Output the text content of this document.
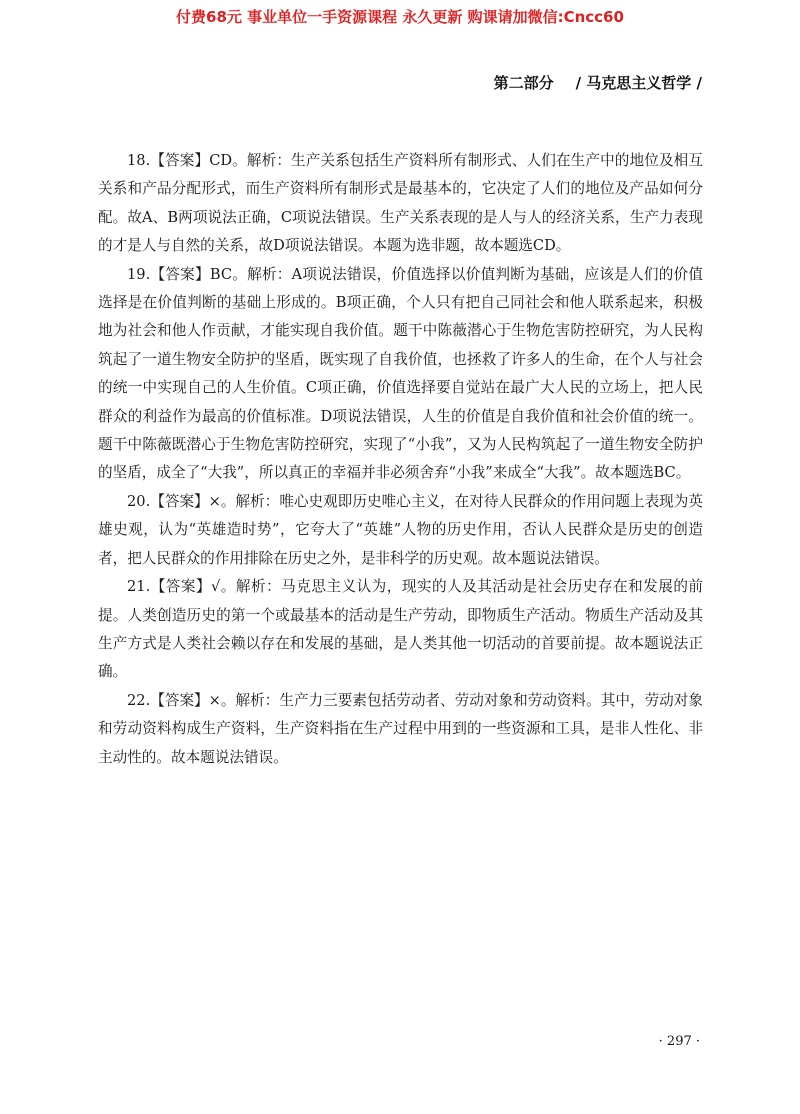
付费68元 事业单位一手资源课程 永久更新 购课请加微信:Cncc60
第二部分 / 马克思主义哲学 /

18.【答案】CD。解析：生产关系包括生产资料所有制形式、人们在生产中的地位及相互关系和产品分配形式，而生产资料所有制形式是最基本的，它决定了人们的地位及产品如何分配。故A、B两项说法正确，C项说法错误。生产关系表现的是人与人的经济关系，生产力表现的才是人与自然的关系，故D项说法错误。本题为选非题，故本题选CD。

19.【答案】BC。解析：A项说法错误，价值选择以价值判断为基础，应该是人们的价值选择是在价值判断的基础上形成的。B项正确，个人只有把自己同社会和他人联系起来，积极地为社会和他人作贡献，才能实现自我价值。题干中陈薇潜心于生物危害防控研究，为人民构筑起了一道生物安全防护的坚盾，既实现了自我价值，也拯救了许多人的生命，在个人与社会的统一中实现自己的人生价值。C项正确，价值选择要自觉站在最广大人民的立场上，把人民群众的利益作为最高的价值标准。D项说法错误，人生的价值是自我价值和社会价值的统一。题干中陈薇既潜心于生物危害防控研究，实现了“小我”，又为人民构筑起了一道生物安全防护的坚盾，成全了“大我”，所以真正的幸福并非必须舍弃“小我”来成全“大我”。故本题选BC。

20.【答案】×。解析：唯心史观即历史唯心主义，在对待人民群众的作用问题上表现为英雄史观，认为“英雄造时势”，它夸大了“英雄”人物的历史作用，否认人民群众是历史的创造者，把人民群众的作用排除在历史之外，是非科学的历史观。故本题说法错误。

21.【答案】√。解析：马克思主义认为，现实的人及其活动是社会历史存在和发展的前提。人类创造历史的第一个或最基本的活动是生产劳动，即物质生产活动。物质生产活动及其生产方式是人类社会赖以存在和发展的基础，是人类其他一切活动的首要前提。故本题说法正确。

22.【答案】×。解析：生产力三要素包括劳动者、劳动对象和劳动资料。其中，劳动对象和劳动资料构成生产资料，生产资料指在生产过程中用到的一些资源和工具，是非人性化、非主动性的。故本题说法错误。

· 297 ·
